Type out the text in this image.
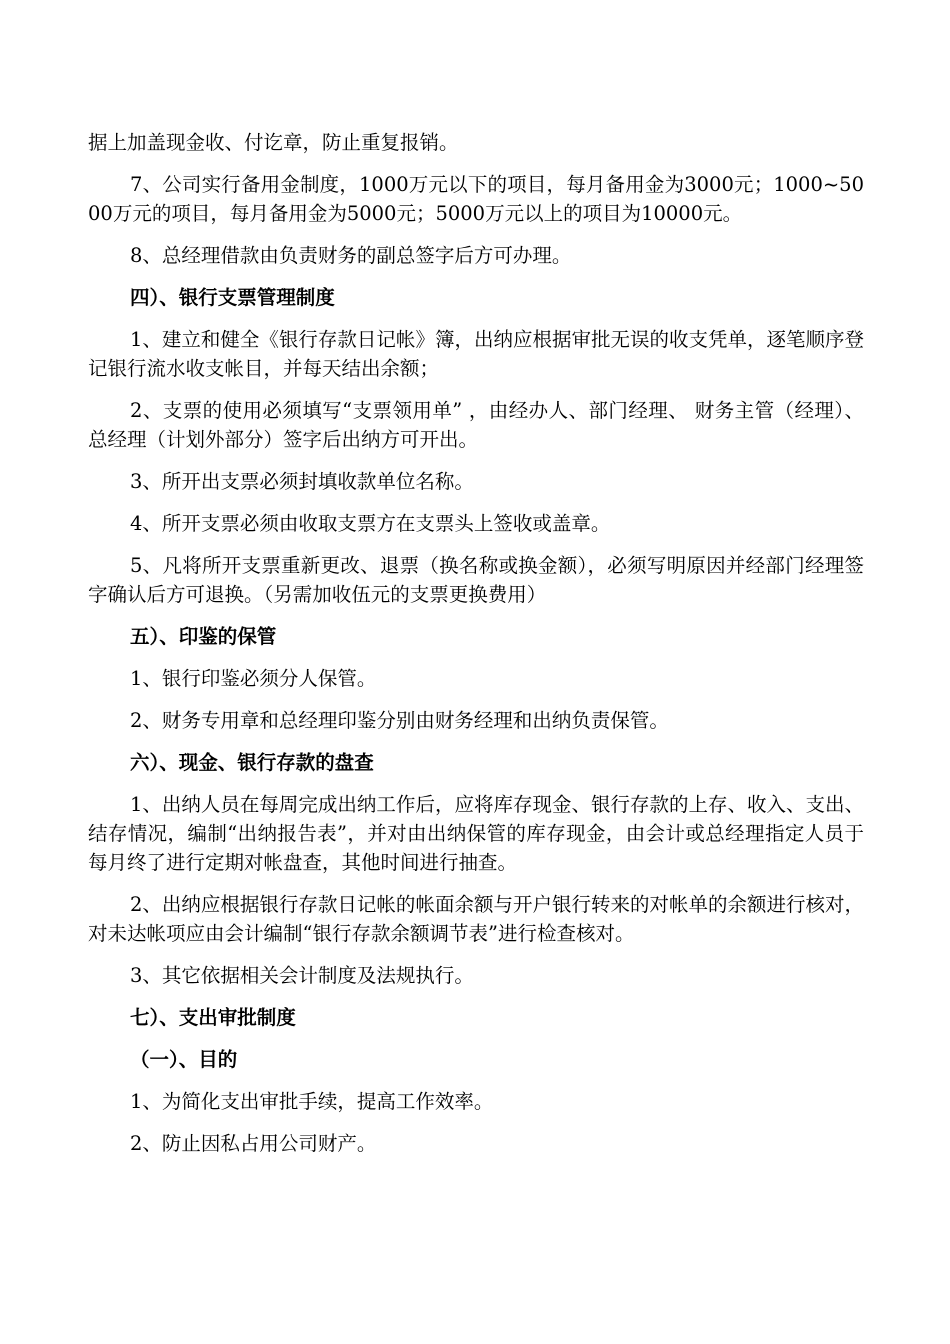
据上加盖现金收、付讫章，防止重复报销。

7、公司实行备用金制度，1000万元以下的项目，每月备用金为3000元；1000~5000万元的项目，每月备用金为5000元；5000万元以上的项目为10000元。

8、总经理借款由负责财务的副总签字后方可办理。

四）、银行支票管理制度

1、建立和健全《银行存款日记帐》簿，出纳应根据审批无误的收支凭单，逐笔顺序登记银行流水收支帐目，并每天结出余额；

2、支票的使用必须填写“支票领用单” ，由经办人、部门经理、 财务主管（经理）、总经理（计划外部分）签字后出纳方可开出。

3、所开出支票必须封填收款单位名称。

4、所开支票必须由收取支票方在支票头上签收或盖章。

5、凡将所开支票重新更改、退票（换名称或换金额），必须写明原因并经部门经理签字确认后方可退换。（另需加收伍元的支票更换费用）

五）、印鉴的保管

1、银行印鉴必须分人保管。

2、财务专用章和总经理印鉴分别由财务经理和出纳负责保管。

六）、现金、银行存款的盘查

1、出纳人员在每周完成出纳工作后，应将库存现金、银行存款的上存、收入、支出、结存情况，编制“出纳报告表”，并对由出纳保管的库存现金，由会计或总经理指定人员于每月终了进行定期对帐盘查，其他时间进行抽查。

2、出纳应根据银行存款日记帐的帐面余额与开户银行转来的对帐单的余额进行核对，对未达帐项应由会计编制“银行存款余额调节表”进行检查核对。

3、其它依据相关会计制度及法规执行。

七）、支出审批制度

（一）、目的

1、为简化支出审批手续，提高工作效率。

2、防止因私占用公司财产。
